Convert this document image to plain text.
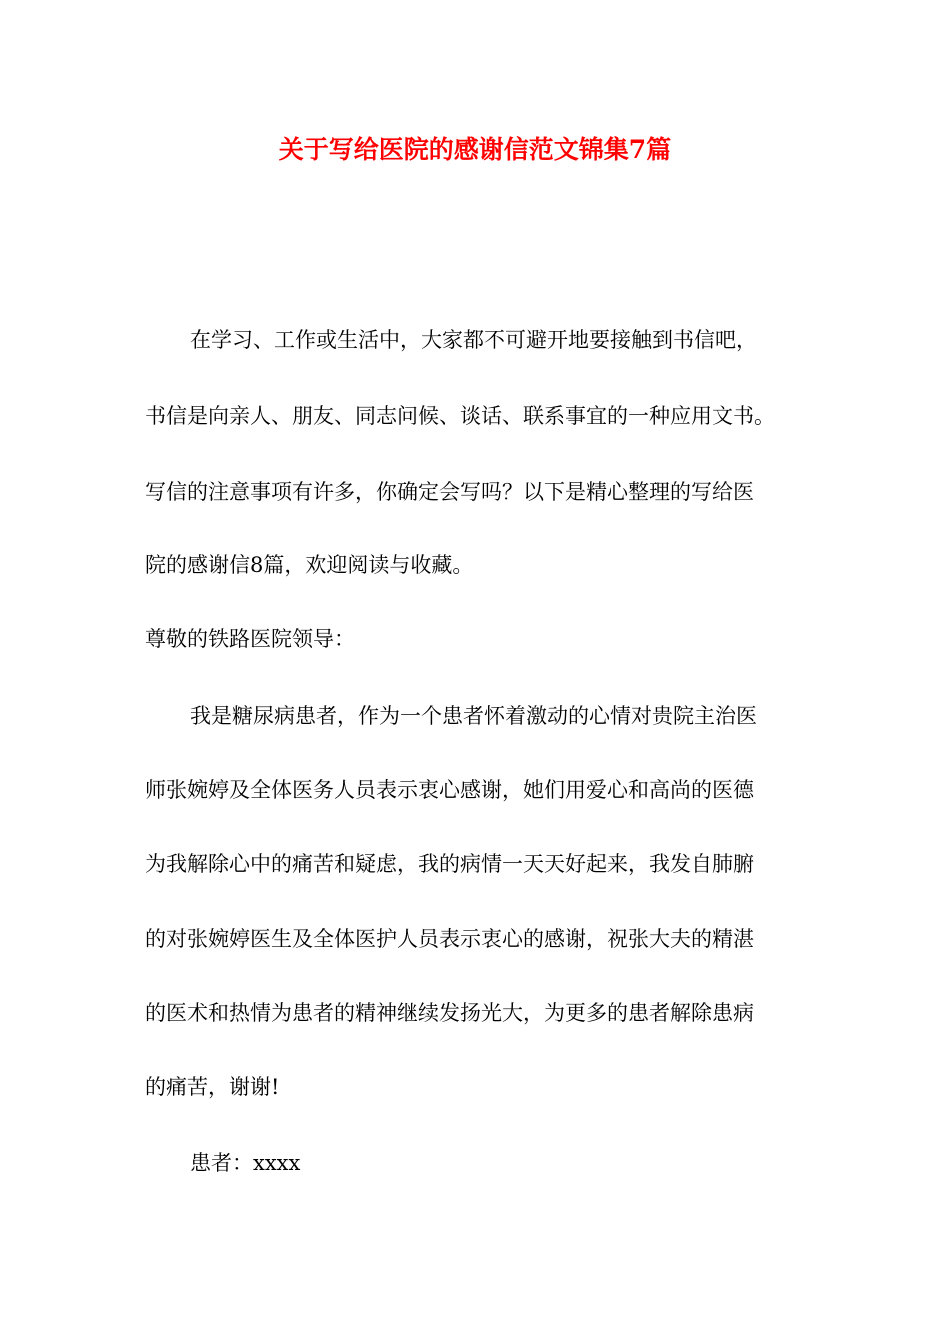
关于写给医院的感谢信范文锦集7篇
在学习、工作或生活中，大家都不可避开地要接触到书信吧，
书信是向亲人、朋友、同志问候、谈话、联系事宜的一种应用文书。
写信的注意事项有许多，你确定会写吗？以下是精心整理的写给医
院的感谢信8篇，欢迎阅读与收藏。
尊敬的铁路医院领导：
我是糖尿病患者，作为一个患者怀着激动的心情对贵院主治医
师张婉婷及全体医务人员表示衷心感谢，她们用爱心和高尚的医德
为我解除心中的痛苦和疑虑，我的病情一天天好起来，我发自肺腑
的对张婉婷医生及全体医护人员表示衷心的感谢，祝张大夫的精湛
的医术和热情为患者的精神继续发扬光大，为更多的患者解除患病
的痛苦，谢谢!
患者：xxxx
